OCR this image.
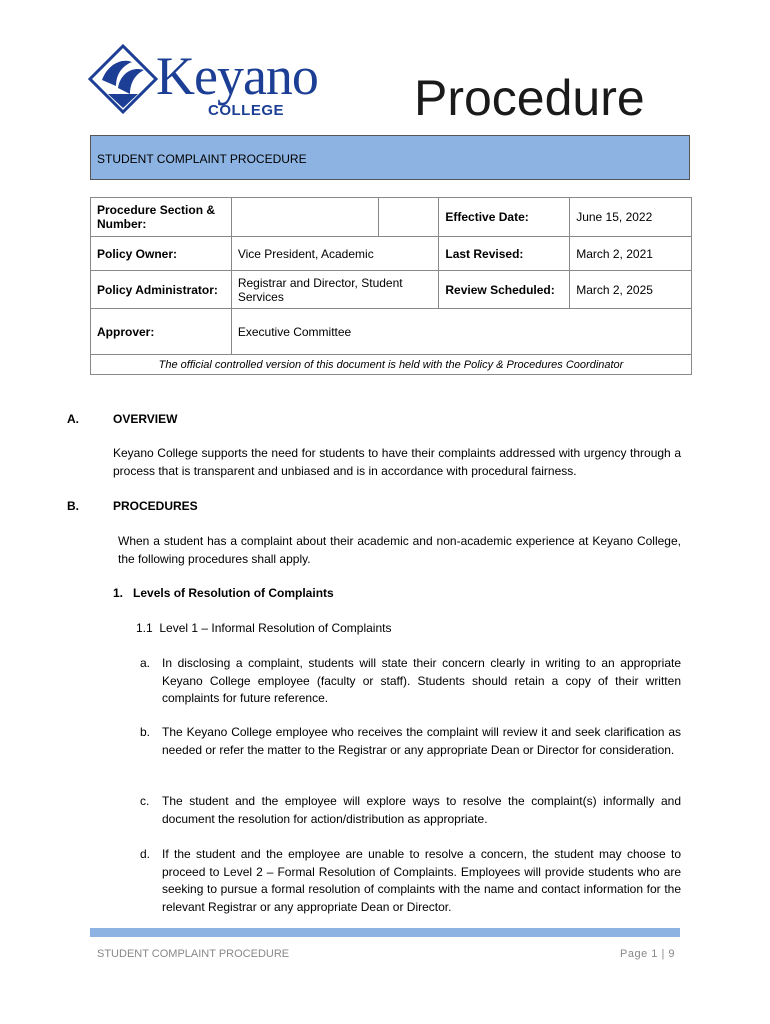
Keyano
COLLEGE	Procedure
STUDENT COMPLAINT PROCEDURE
Procedure Section & Number:			Effective Date:	June 15, 2022
Policy Owner:	Vice President, Academic		Last Revised:	March 2, 2021
Policy Administrator:	Registrar and Director, Student Services		Review Scheduled:	March 2, 2025
Approver:	Executive Committee			
The official controlled version of this document is held with the Policy & Procedures Coordinator				
A.	OVERVIEW
Keyano College supports the need for students to have their complaints addressed with urgency through a process that is transparent and unbiased and is in accordance with procedural fairness.
B.	PROCEDURES
When a student has a complaint about their academic and non-academic experience at Keyano College, the following procedures shall apply.
1.   Levels of Resolution of Complaints
1.1  Level 1 – Informal Resolution of Complaints
a. In disclosing a complaint, students will state their concern clearly in writing to an appropriate Keyano College employee (faculty or staff). Students should retain a copy of their written complaints for future reference.
b. The Keyano College employee who receives the complaint will review it and seek clarification as needed or refer the matter to the Registrar or any appropriate Dean or Director for consideration.
c. The student and the employee will explore ways to resolve the complaint(s) informally and document the resolution for action/distribution as appropriate.
d. If the student and the employee are unable to resolve a concern, the student may choose to proceed to Level 2 – Formal Resolution of Complaints. Employees will provide students who are seeking to pursue a formal resolution of complaints with the name and contact information for the relevant Registrar or any appropriate Dean or Director.
STUDENT COMPLAINT PROCEDURE	Page 1 | 9
